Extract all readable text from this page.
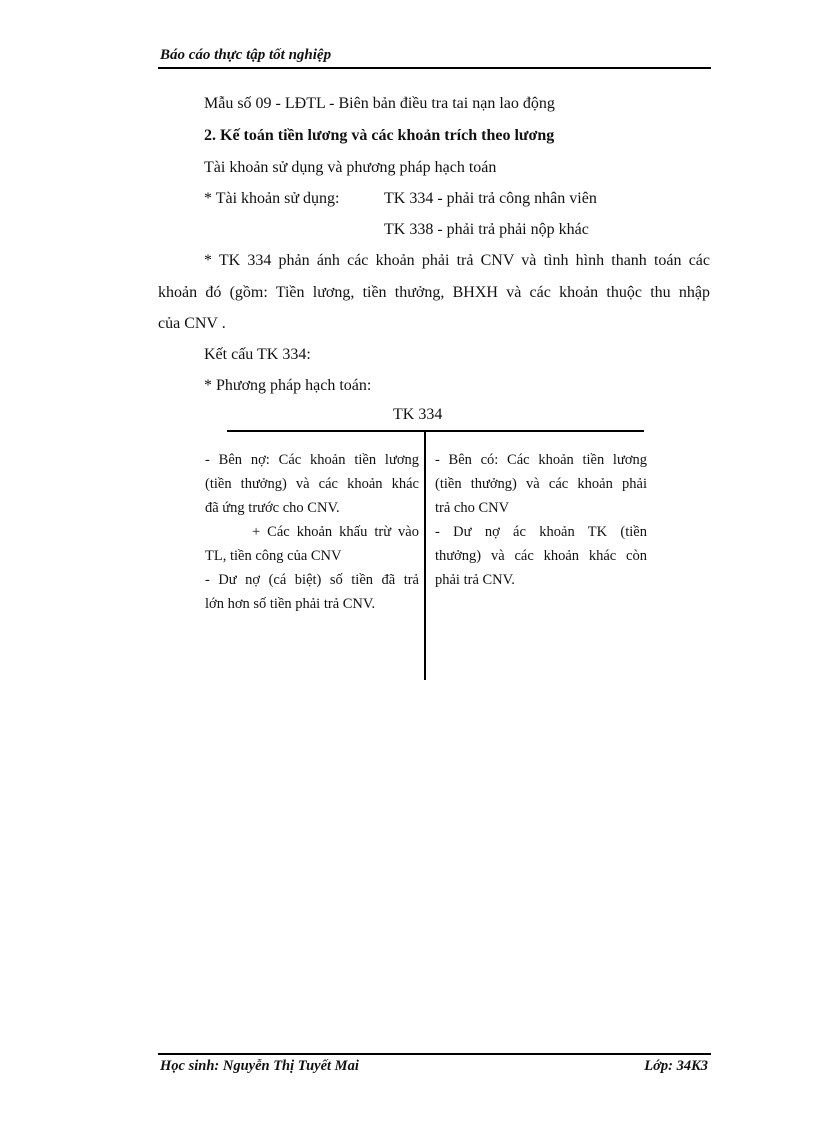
Báo cáo thực tập tốt nghiệp
Mẫu số 09 - LĐTL - Biên bản điều tra tai nạn lao động
2. Kế toán tiền lương và các khoản trích theo lương
Tài khoản sử dụng và phương pháp hạch toán
* Tài khoản sử dụng:	TK 334 - phải trả công nhân viên
TK 338 - phải trả phải nộp khác
* TK 334 phản ánh các khoản phải trả CNV và tình hình thanh toán các
khoản đó (gồm: Tiền lương, tiền thưởng, BHXH và các khoản thuộc thu nhập
của CNV .
Kết cấu TK 334:
* Phương pháp hạch toán:
TK 334
- Bên nợ: Các khoản tiền lương
(tiền thưởng) và các khoản khác
đã ứng trước cho CNV.
+ Các khoản khấu trừ vào
TL, tiền công của CNV
- Dư nợ (cá biệt) số tiền đã trả
lớn hơn số tiền phải trả CNV.
- Bên có: Các khoản tiền lương
(tiền thưởng) và các khoản phải
trả cho CNV
- Dư nợ ác khoản TK (tiền
thưởng) và các khoản khác còn
phải trả CNV.
Học sinh: Nguyễn Thị Tuyết Mai	Lớp: 34K3
